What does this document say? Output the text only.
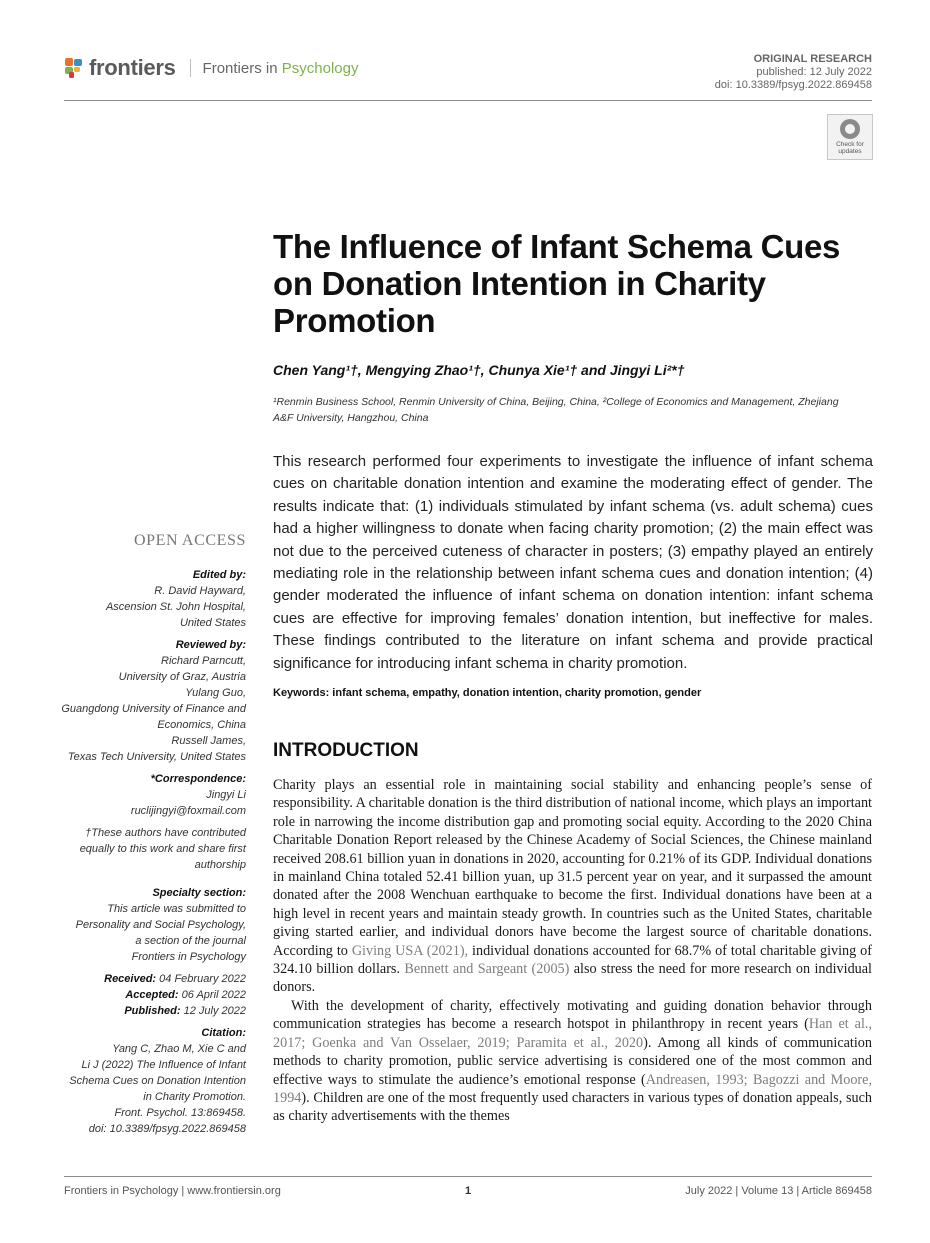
frontiers Frontiers in Psychology
ORIGINAL RESEARCH
published: 12 July 2022
doi: 10.3389/fpsyg.2022.869458
Check for
updates
The Influence of Infant Schema Cues
on Donation Intention in Charity
Promotion
Chen Yang¹†, Mengying Zhao¹†, Chunya Xie¹† and Jingyi Li²*†
¹Renmin Business School, Renmin University of China, Beijing, China, ²College of Economics and Management, Zhejiang
A&F University, Hangzhou, China
This research performed four experiments to investigate the influence of infant schema cues on charitable donation intention and examine the moderating effect of gender. The results indicate that: (1) individuals stimulated by infant schema (vs. adult schema) cues had a higher willingness to donate when facing charity promotion; (2) the main effect was not due to the perceived cuteness of character in posters; (3) empathy played an entirely mediating role in the relationship between infant schema cues and donation intention; (4) gender moderated the influence of infant schema on donation intention: infant schema cues are effective for improving females’ donation intention, but ineffective for males. These findings contributed to the literature on infant schema and provide practical significance for introducing infant schema in charity promotion.
Keywords: infant schema, empathy, donation intention, charity promotion, gender
OPEN ACCESS
Edited by:
R. David Hayward,
Ascension St. John Hospital,
United States
Reviewed by:
Richard Parncutt,
University of Graz, Austria
Yulang Guo,
Guangdong University of Finance and
Economics, China
Russell James,
Texas Tech University, United States
*Correspondence:
Jingyi Li
ruclijingyi@foxmail.com
†These authors have contributed
equally to this work and share first
authorship
Specialty section:
This article was submitted to
Personality and Social Psychology,
a section of the journal
Frontiers in Psychology
Received: 04 February 2022
Accepted: 06 April 2022
Published: 12 July 2022
Citation:
Yang C, Zhao M, Xie C and
Li J (2022) The Influence of Infant
Schema Cues on Donation Intention
in Charity Promotion.
Front. Psychol. 13:869458.
doi: 10.3389/fpsyg.2022.869458
INTRODUCTION

Charity plays an essential role in maintaining social stability and enhancing people’s sense of responsibility. A charitable donation is the third distribution of national income, which plays an important role in narrowing the income distribution gap and promoting social equity. According to the 2020 China Charitable Donation Report released by the Chinese Academy of Social Sciences, the Chinese mainland received 208.61 billion yuan in donations in 2020, accounting for 0.21% of its GDP. Individual donations in mainland China totaled 52.41 billion yuan, up 31.5 percent year on year, and it surpassed the amount donated after the 2008 Wenchuan earthquake to become the first. Individual donations have been at a high level in recent years and maintain steady growth. In countries such as the United States, charitable giving started earlier, and individual donors have become the largest source of charitable donations. According to Giving USA (2021), individual donations accounted for 68.7% of total charitable giving of 324.10 billion dollars. Bennett and Sargeant (2005) also stress the need for more research on individual donors.

With the development of charity, effectively motivating and guiding donation behavior through communication strategies has become a research hotspot in philanthropy in recent years (Han et al., 2017; Goenka and Van Osselaer, 2019; Paramita et al., 2020). Among all kinds of communication methods to charity promotion, public service advertising is considered one of the most common and effective ways to stimulate the audience’s emotional response (Andreasen, 1993; Bagozzi and Moore, 1994). Children are one of the most frequently used characters in various types of donation appeals, such as charity advertisements with the themes

Frontiers in Psychology | www.frontiersin.org	1	July 2022 | Volume 13 | Article 869458
